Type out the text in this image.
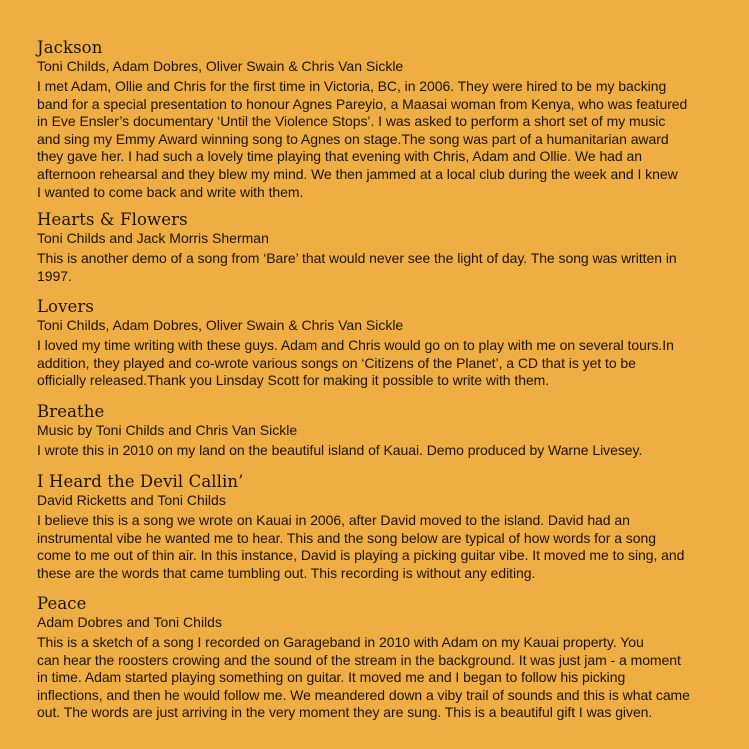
Jackson
Toni Childs, Adam Dobres, Oliver Swain & Chris Van Sickle
I met Adam, Ollie and Chris for the first time in Victoria, BC, in 2006. They were hired to be my backing
band for a special presentation to honour Agnes Pareyio, a Maasai woman from Kenya, who was featured
in Eve Ensler’s documentary ‘Until the Violence Stops’. I was asked to perform a short set of my music
and sing my Emmy Award winning song to Agnes on stage.The song was part of a humanitarian award
they gave her. I had such a lovely time playing that evening with Chris, Adam and Ollie. We had an
afternoon rehearsal and they blew my mind. We then jammed at a local club during the week and I knew
I wanted to come back and write with them.
Hearts & Flowers
Toni Childs and Jack Morris Sherman
This is another demo of a song from ‘Bare’ that would never see the light of day. The song was written in
1997.
Lovers
Toni Childs, Adam Dobres, Oliver Swain & Chris Van Sickle
I loved my time writing with these guys. Adam and Chris would go on to play with me on several tours.In
addition, they played and co-wrote various songs on ‘Citizens of the Planet’, a CD that is yet to be
officially released.Thank you Linsday Scott for making it possible to write with them.
Breathe
Music by Toni Childs and Chris Van Sickle
I wrote this in 2010 on my land on the beautiful island of Kauai. Demo produced by Warne Livesey.
I Heard the Devil Callin’
David Ricketts and Toni Childs
I believe this is a song we wrote on Kauai in 2006, after David moved to the island. David had an
instrumental vibe he wanted me to hear. This and the song below are typical of how words for a song
come to me out of thin air. In this instance, David is playing a picking guitar vibe. It moved me to sing, and
these are the words that came tumbling out. This recording is without any editing.
Peace
Adam Dobres and Toni Childs
This is a sketch of a song I recorded on Garageband in 2010 with Adam on my Kauai property. You
can hear the roosters crowing and the sound of the stream in the background. It was just jam - a moment
in time. Adam started playing something on guitar. It moved me and I began to follow his picking
inflections, and then he would follow me. We meandered down a viby trail of sounds and this is what came
out. The words are just arriving in the very moment they are sung. This is a beautiful gift I was given.
